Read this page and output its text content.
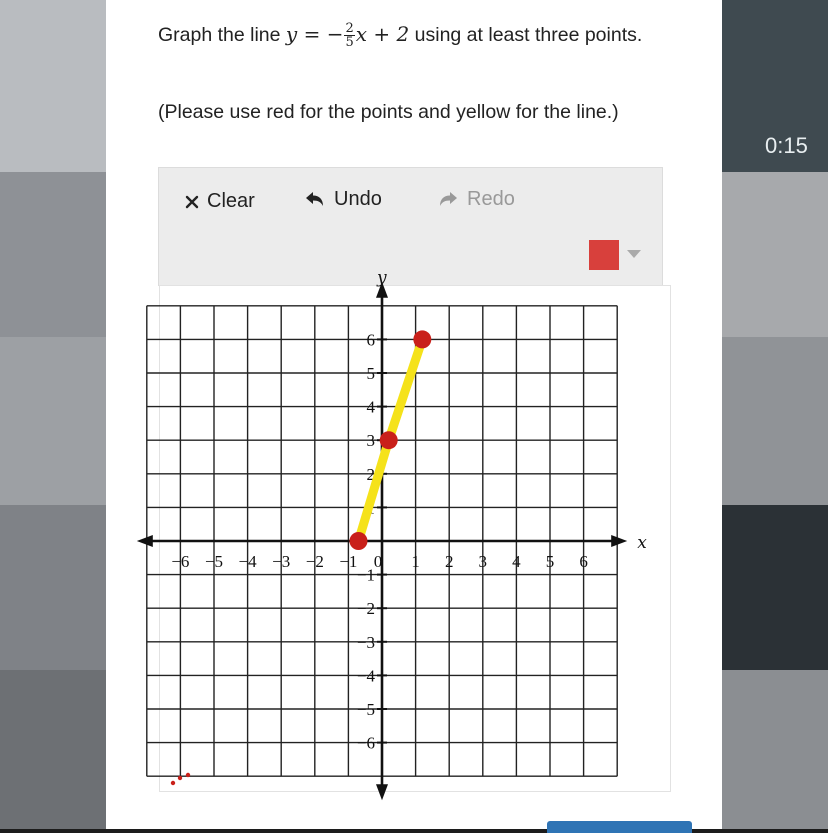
0:15

Graph the line y = − $\frac{2}{5}$ x + 2 using at least three points.

(Please use red for the points and yellow for the line.)

Clear	Undo	Redo
x
y
−6 −5 −4 −3 −2 −1 0 1 2 3 4 5 6
6
5
4
3
2
1
−1
−2
−3
−4
−5
−6
